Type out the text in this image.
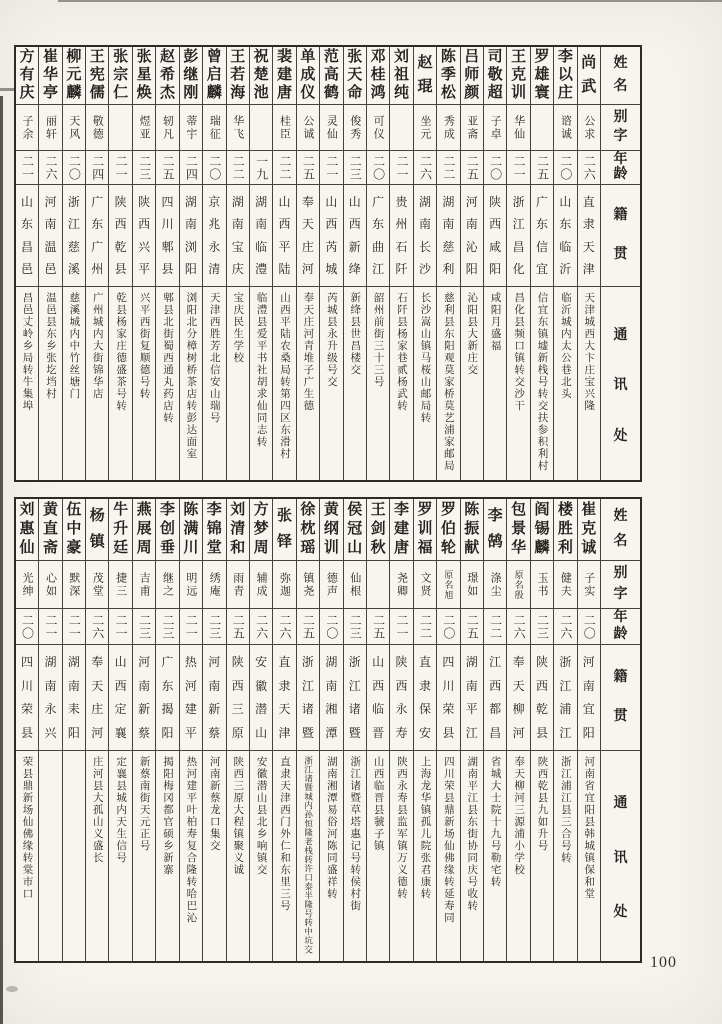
姓
名
别
字
年
龄
籍
贯
通
讯
处
尚
武
公求
二六
直
隶
天
津
天津城西大卞庄宝兴隆
李
以
庄
谘诚
二〇
山
东
临
沂
临沂城内太公巷北头
罗
雄
寰
二五
广
东
信
宜
信宜东镇墟新栈号转交扶参积利村
王
克
训
华仙
二一
浙
江
昌
化
昌化县频口镇转交沙干
司
敬
超
子卓
二〇
陕
西
咸
阳
咸阳月盛福
吕
师
颜
亚斋
二五
河
南
沁
阳
沁阳县大新庄交
陈
季
松
秀成
二二
湖
南
慈
利
慈利县东阳观莫家桥莫艺浦家邮局
赵
琨
坐元
二六
湖
南
长
沙
长沙嵩山镇马桜山邮局转
刘
祖
纯
二一
贵
州
石
阡
石阡县杨家巷贰杨武转
邓
桂
鸿
可仪
二〇
广
东
曲
江
韶州前街三十三号
张
天
命
俊秀
二三
山
西
新
绛
新绛县世昌楼交
范
高
鹤
灵仙
二一
山
西
芮
城
芮城县永升级号交
单
成
仪
公诚
二五
奉
天
庄
河
奉天庄河青堆子广生德
裴
建
唐
桂臣
二二
山
西
平
陆
山西平陆农桑局转第四区东滑村
祝
楚
池
一九
湖
南
临
澧
临澧县爱平书社胡求仙同志转
王
若
海
华飞
二二
湖
南
宝
庆
宝庆民生学校
曾
启
麟
瑞征
二〇
京
兆
永
清
天津西胜芳北信安山瑞号
彭
继
刚
蒂宇
二四
湖
南
浏
阳
浏阳北分樟树桥茶店转彭达面室
赵
希
杰
轫凡
二五
四
川
郫
县
郫县北街蜀西通丸药店转
张
星
焕
煜亚
二三
陕
西
兴
平
兴平西街复顺德号转
张
宗
仁
二一
陕
西
乾
县
乾县杨家庄德盛茶号转
王
宪
儒
敬德
二四
广
东
广
州
广州城内大街锦华店
柳
元
麟
天风
二〇
浙
江
慈
溪
慈溪城内中竹丝塘门
崔
华
亭
丽轩
二六
河
南
温
邑
温邑县东乡张圪垱村
方
有
庆
子余
二一
山
东
昌
邑
昌邑丈岭乡局转牛集埠
姓
名
别
字
年
龄
籍
贯
通
讯
处
崔
克
诚
子实
二〇
河
南
宜
阳
河南省宜阳县韩城镇保和堂
楼
胜
利
健夫
二六
浙
江
浦
江
浙江浦江县三合号转
阎
锡
麟
玉书
二三
陕
西
乾
县
陕西乾县九如升号
包
景
华
原名殷
二六
奉
天
柳
河
奉天柳河三源浦小学校
李
鹄
涤尘
二二
江
西
都
昌
省城大士院十九号勒宅转
陈
振
献
璟如
二五
湖
南
平
江
湖南平江县东街协同庆号收转
罗
伯
轮
原名旭
二〇
四
川
荣
县
四川荣县鼎新场仙佛缘转延寿同
罗
训
福
文贤
二二
直
隶
保
安
上海龙华镇孤儿院张君康转
李
建
唐
尧卿
二一
陕
西
永
寿
陕西永寿县监军镇万义德转
王
剑
秋
二五
山
西
临
晋
山西临晋县虢子镇
侯
冠
山
仙根
二三
浙
江
诸
暨
浙江诸暨草塔惠记号转侯村街
黄
纲
训
德声
二〇
湖
南
湘
潭
湖南湘潭易俗河陈同盛祥转
徐
枕
瑶
镇尧
二五
浙
江
诸
暨
浙江诸暨城内孙恒隆老栈转许口泰半隆号转中坑交
张
铎
弥迦
二六
直
隶
天
津
直隶天津西门外仁和东里三号
方
梦
周
辅成
二六
安
徽
潜
山
安徽潜山县北乡响镇交
刘
清
和
雨青
二五
陕
西
三
原
陕西三原大程镇聚义诚
李
锦
堂
绣庵
二三
河
南
新
蔡
河南新蔡龙口集交
陈
满
川
明远
二一
热
河
建
平
热河建平叶柏寿复合隆转哈巴沁
李
创
垂
继之
二三
广
东
揭
阳
揭阳梅冈都官硕乡新寨
燕
展
周
吉甫
二三
河
南
新
蔡
新蔡南街天元正号
牛
升
廷
捷三
二一
山
西
定
襄
定襄县城内天生信号
杨
镇
茂堂
二六
奉
天
庄
河
庄河县大孤山义盛长
伍
中
豪
默深
二一
湖
南
耒
阳
黄
直
斋
心如
二一
湖
南
永
兴
刘
惠
仙
光绅
二〇
四
川
荣
县
荣县鼎新场仙佛缘转棠市口
100
